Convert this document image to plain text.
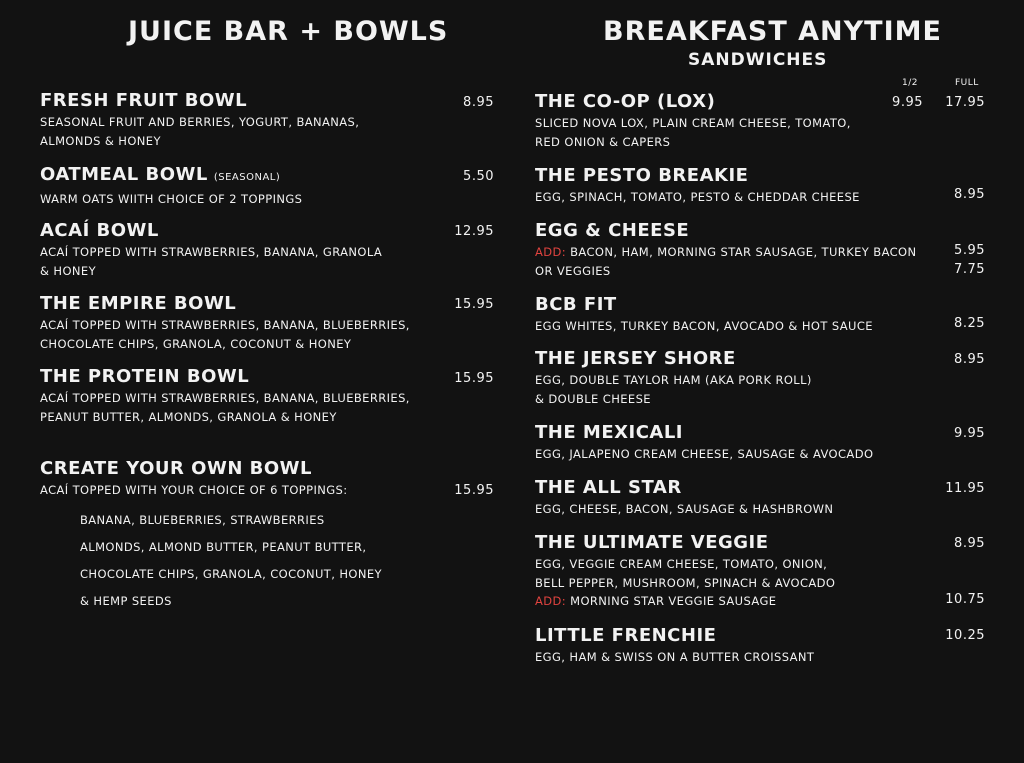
JUICE BAR + BOWLS
FRESH FRUIT BOWL
SEASONAL FRUIT AND BERRIES, YOGURT, BANANAS,
ALMONDS & HONEY
8.95
OATMEAL BOWL (SEASONAL)
WARM OATS WIITH CHOICE OF 2 TOPPINGS
5.50
ACAÍ BOWL
ACAÍ TOPPED WITH STRAWBERRIES, BANANA, GRANOLA
& HONEY
12.95
THE EMPIRE BOWL
ACAÍ TOPPED WITH STRAWBERRIES, BANANA, BLUEBERRIES,
CHOCOLATE CHIPS, GRANOLA, COCONUT & HONEY
15.95
THE PROTEIN BOWL
ACAÍ TOPPED WITH STRAWBERRIES, BANANA, BLUEBERRIES,
PEANUT BUTTER, ALMONDS, GRANOLA & HONEY
15.95
CREATE YOUR OWN BOWL
ACAÍ TOPPED WITH YOUR CHOICE OF 6 TOPPINGS:	15.95
BANANA, BLUEBERRIES, STRAWBERRIES
ALMONDS, ALMOND BUTTER, PEANUT BUTTER,
CHOCOLATE CHIPS, GRANOLA, COCONUT, HONEY
& HEMP SEEDS
BREAKFAST ANYTIME
SANDWICHES
1/2	FULL
THE CO-OP (LOX)
SLICED NOVA LOX, PLAIN CREAM CHEESE, TOMATO,
RED ONION & CAPERS
9.95 17.95
THE PESTO BREAKIE
EGG, SPINACH, TOMATO, PESTO & CHEDDAR CHEESE	8.95
EGG & CHEESE
ADD: BACON, HAM, MORNING STAR SAUSAGE, TURKEY BACON
OR VEGGIES
5.95
7.75
BCB FIT
EGG WHITES, TURKEY BACON, AVOCADO & HOT SAUCE	8.25
THE JERSEY SHORE
EGG, DOUBLE TAYLOR HAM (AKA PORK ROLL)
& DOUBLE CHEESE
8.95
THE MEXICALI
EGG, JALAPENO CREAM CHEESE, SAUSAGE & AVOCADO
9.95
THE ALL STAR
EGG, CHEESE, BACON, SAUSAGE & HASHBROWN
11.95
THE ULTIMATE VEGGIE
EGG, VEGGIE CREAM CHEESE, TOMATO, ONION,
BELL PEPPER, MUSHROOM, SPINACH & AVOCADO
ADD: MORNING STAR VEGGIE SAUSAGE
8.95
10.75
LITTLE FRENCHIE
EGG, HAM & SWISS ON A BUTTER CROISSANT
10.25
